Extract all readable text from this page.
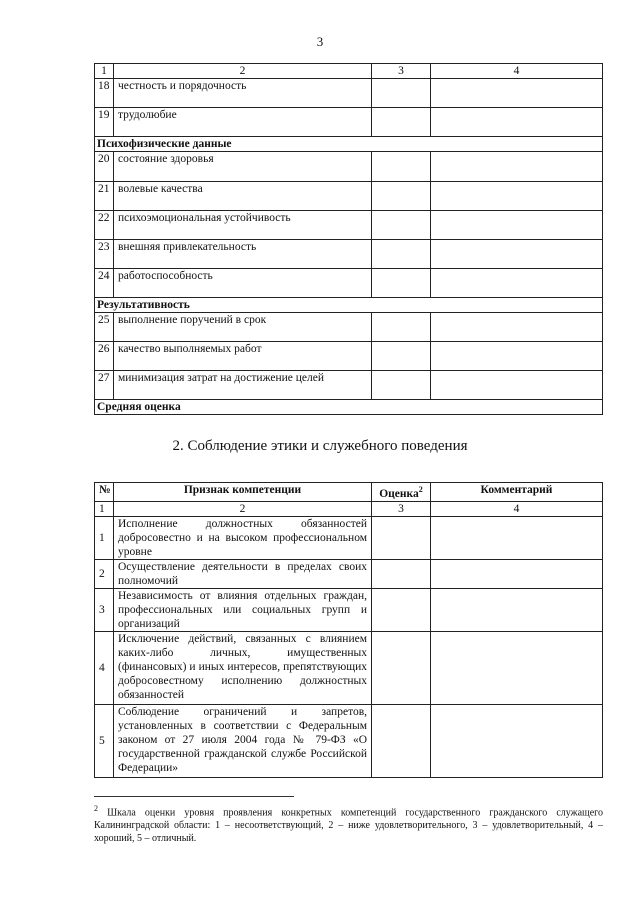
3
1	2	3	4
18	честность и порядочность		
19	трудолюбие		
Психофизические данные			
20	состояние здоровья		
21	волевые качества		
22	психоэмоциональная устойчивость		
23	внешняя привлекательность		
24	работоспособность		
Результативность			
25	выполнение поручений в срок		
26	качество выполняемых работ		
27	минимизация затрат на достижение целей		
Средняя оценка			
2. Соблюдение этики и служебного поведения
№	Признак компетенции	Оценка$^2$	Комментарий
1	2	3	4
1	Исполнение должностных обязанностей добросовестно и на высоком профессиональном уровне		
2	Осуществление деятельности в пределах своих полномочий		
3	Независимость от влияния отдельных граждан, профессиональных или социальных групп и организаций		
4	Исключение действий, связанных с влиянием каких-либо личных, имущественных (финансовых) и иных интересов, препятствующих добросовестному исполнению должностных обязанностей		
5	Соблюдение ограничений и запретов, установленных в соответствии с Федеральным законом от 27 июля 2004 года № 79-ФЗ «О государственной гражданской службе Российской Федерации»		
$^2$ Шкала оценки уровня проявления конкретных компетенций государственного гражданского служащего Калининградской области: 1 – несоответствующий, 2 – ниже удовлетворительного, 3 – удовлетворительный, 4 – хороший, 5 – отличный.
